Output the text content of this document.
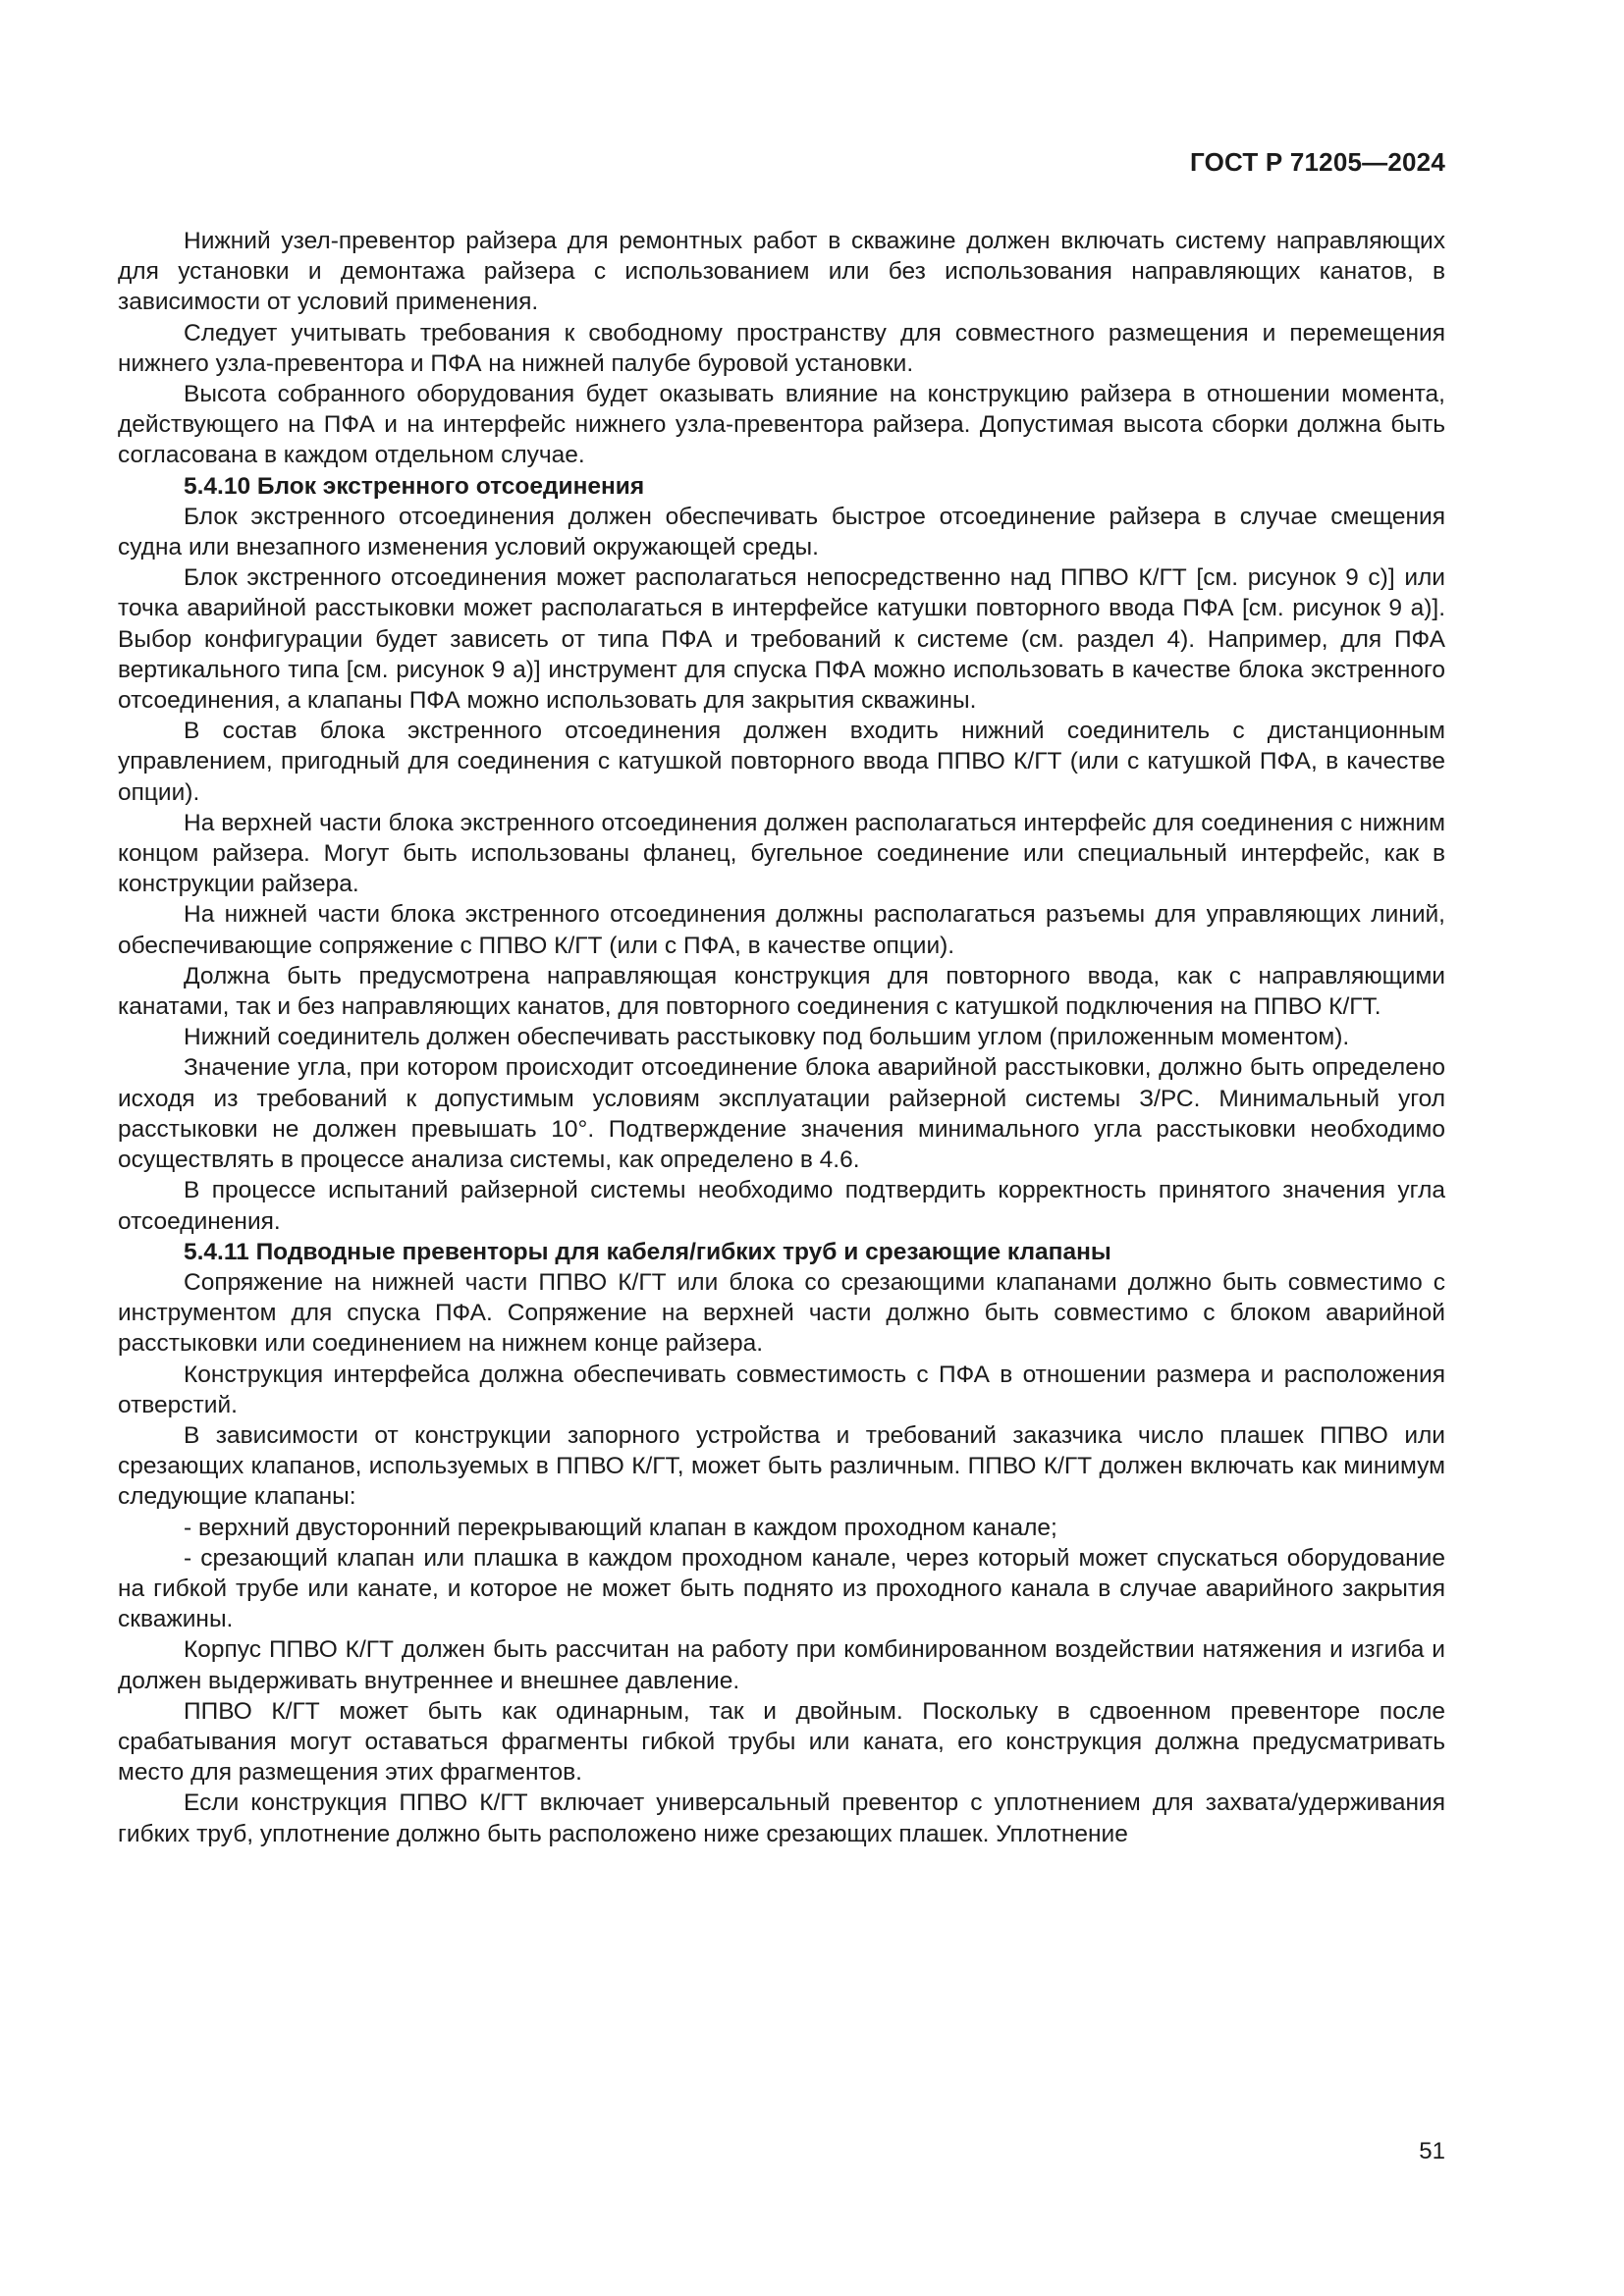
ГОСТ Р 71205—2024

Нижний узел-превентор райзера для ремонтных работ в скважине должен включать систему направляющих для установки и демонтажа райзера с использованием или без использования направляющих канатов, в зависимости от условий применения.

Следует учитывать требования к свободному пространству для совместного размещения и перемещения нижнего узла-превентора и ПФА на нижней палубе буровой установки.

Высота собранного оборудования будет оказывать влияние на конструкцию райзера в отношении момента, действующего на ПФА и на интерфейс нижнего узла-превентора райзера. Допустимая высота сборки должна быть согласована в каждом отдельном случае.

5.4.10 Блок экстренного отсоединения

Блок экстренного отсоединения должен обеспечивать быстрое отсоединение райзера в случае смещения судна или внезапного изменения условий окружающей среды.

Блок экстренного отсоединения может располагаться непосредственно над ППВО К/ГТ [см. рисунок 9 с)] или точка аварийной расстыковки может располагаться в интерфейсе катушки повторного ввода ПФА [см. рисунок 9 а)]. Выбор конфигурации будет зависеть от типа ПФА и требований к системе (см. раздел 4). Например, для ПФА вертикального типа [см. рисунок 9 а)] инструмент для спуска ПФА можно использовать в качестве блока экстренного отсоединения, а клапаны ПФА можно использовать для закрытия скважины.

В состав блока экстренного отсоединения должен входить нижний соединитель с дистанционным управлением, пригодный для соединения с катушкой повторного ввода ППВО К/ГТ (или с катушкой ПФА, в качестве опции).

На верхней части блока экстренного отсоединения должен располагаться интерфейс для соединения с нижним концом райзера. Могут быть использованы фланец, бугельное соединение или специальный интерфейс, как в конструкции райзера.

На нижней части блока экстренного отсоединения должны располагаться разъемы для управляющих линий, обеспечивающие сопряжение с ППВО К/ГТ (или с ПФА, в качестве опции).

Должна быть предусмотрена направляющая конструкция для повторного ввода, как с направляющими канатами, так и без направляющих канатов, для повторного соединения с катушкой подключения на ППВО К/ГТ.

Нижний соединитель должен обеспечивать расстыковку под большим углом (приложенным моментом).

Значение угла, при котором происходит отсоединение блока аварийной расстыковки, должно быть определено исходя из требований к допустимым условиям эксплуатации райзерной системы З/РС. Минимальный угол расстыковки не должен превышать 10°. Подтверждение значения минимального угла расстыковки необходимо осуществлять в процессе анализа системы, как определено в 4.6.

В процессе испытаний райзерной системы необходимо подтвердить корректность принятого значения угла отсоединения.

5.4.11 Подводные превенторы для кабеля/гибких труб и срезающие клапаны

Сопряжение на нижней части ППВО К/ГТ или блока со срезающими клапанами должно быть совместимо с инструментом для спуска ПФА. Сопряжение на верхней части должно быть совместимо с блоком аварийной расстыковки или соединением на нижнем конце райзера.

Конструкция интерфейса должна обеспечивать совместимость с ПФА в отношении размера и расположения отверстий.

В зависимости от конструкции запорного устройства и требований заказчика число плашек ППВО или срезающих клапанов, используемых в ППВО К/ГТ, может быть различным. ППВО К/ГТ должен включать как минимум следующие клапаны:

- верхний двусторонний перекрывающий клапан в каждом проходном канале;

- срезающий клапан или плашка в каждом проходном канале, через который может спускаться оборудование на гибкой трубе или канате, и которое не может быть поднято из проходного канала в случае аварийного закрытия скважины.

Корпус ППВО К/ГТ должен быть рассчитан на работу при комбинированном воздействии натяжения и изгиба и должен выдерживать внутреннее и внешнее давление.

ППВО К/ГТ может быть как одинарным, так и двойным. Поскольку в сдвоенном превенторе после срабатывания могут оставаться фрагменты гибкой трубы или каната, его конструкция должна предусматривать место для размещения этих фрагментов.

Если конструкция ППВО К/ГТ включает универсальный превентор с уплотнением для захвата/удерживания гибких труб, уплотнение должно быть расположено ниже срезающих плашек. Уплотнение

51
